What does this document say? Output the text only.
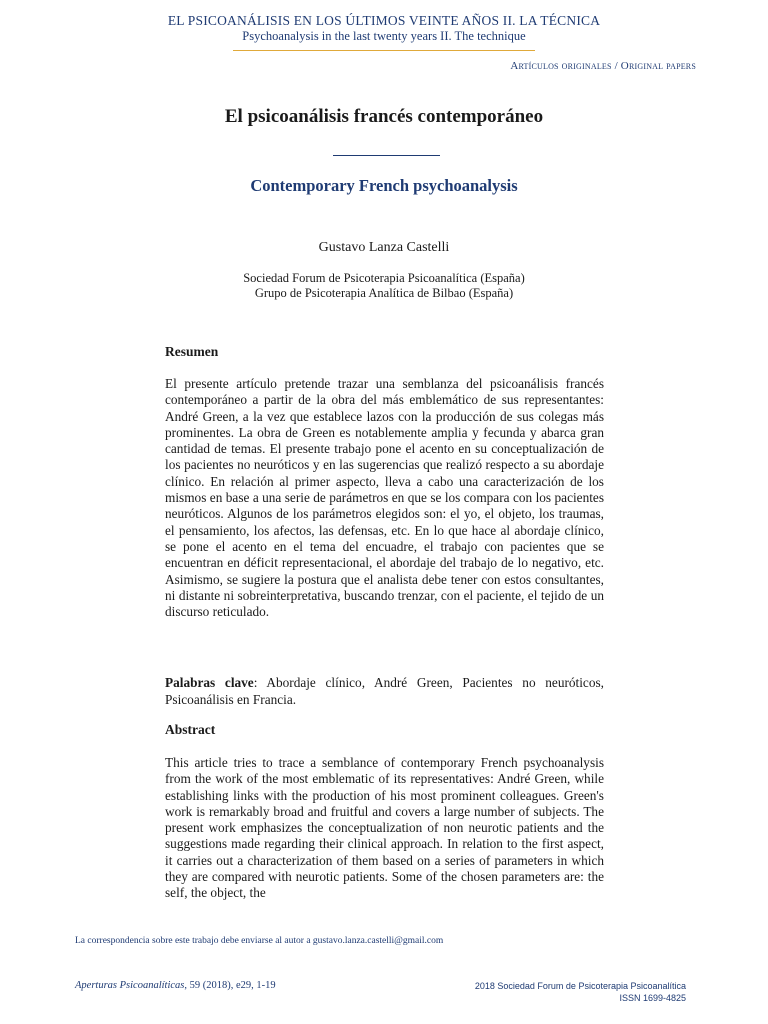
EL PSICOANÁLISIS EN LOS ÚLTIMOS VEINTE AÑOS II. LA TÉCNICA
Psychoanalysis in the last twenty years II. The technique
Artículos originales / Original papers
El psicoanálisis francés contemporáneo
Contemporary French psychoanalysis
Gustavo Lanza Castelli
Sociedad Forum de Psicoterapia Psicoanalítica (España)
Grupo de Psicoterapia Analítica de Bilbao (España)
Resumen
El presente artículo pretende trazar una semblanza del psicoanálisis francés contemporáneo a partir de la obra del más emblemático de sus representantes: André Green, a la vez que establece lazos con la producción de sus colegas más prominentes. La obra de Green es notablemente amplia y fecunda y abarca gran cantidad de temas. El presente trabajo pone el acento en su conceptualización de los pacientes no neuróticos y en las sugerencias que realizó respecto a su abordaje clínico. En relación al primer aspecto, lleva a cabo una caracterización de los mismos en base a una serie de parámetros en que se los compara con los pacientes neuróticos. Algunos de los parámetros elegidos son: el yo, el objeto, los traumas, el pensamiento, los afectos, las defensas, etc. En lo que hace al abordaje clínico, se pone el acento en el tema del encuadre, el trabajo con pacientes que se encuentran en déficit representacional, el abordaje del trabajo de lo negativo, etc. Asimismo, se sugiere la postura que el analista debe tener con estos consultantes, ni distante ni sobreinterpretativa, buscando trenzar, con el paciente, el tejido de un discurso reticulado.
Palabras clave: Abordaje clínico, André Green, Pacientes no neuróticos, Psicoanálisis en Francia.
Abstract
This article tries to trace a semblance of contemporary French psychoanalysis from the work of the most emblematic of its representatives: André Green, while establishing links with the production of his most prominent colleagues. Green's work is remarkably broad and fruitful and covers a large number of subjects. The present work emphasizes the conceptualization of non neurotic patients and the suggestions made regarding their clinical approach. In relation to the first aspect, it carries out a characterization of them based on a series of parameters in which they are compared with neurotic patients. Some of the chosen parameters are: the self, the object, the
La correspondencia sobre este trabajo debe enviarse al autor a gustavo.lanza.castelli@gmail.com
Aperturas Psicoanalíticas, 59 (2018), e29, 1-19	2018 Sociedad Forum de Psicoterapia Psicoanalítica
ISSN 1699-4825
